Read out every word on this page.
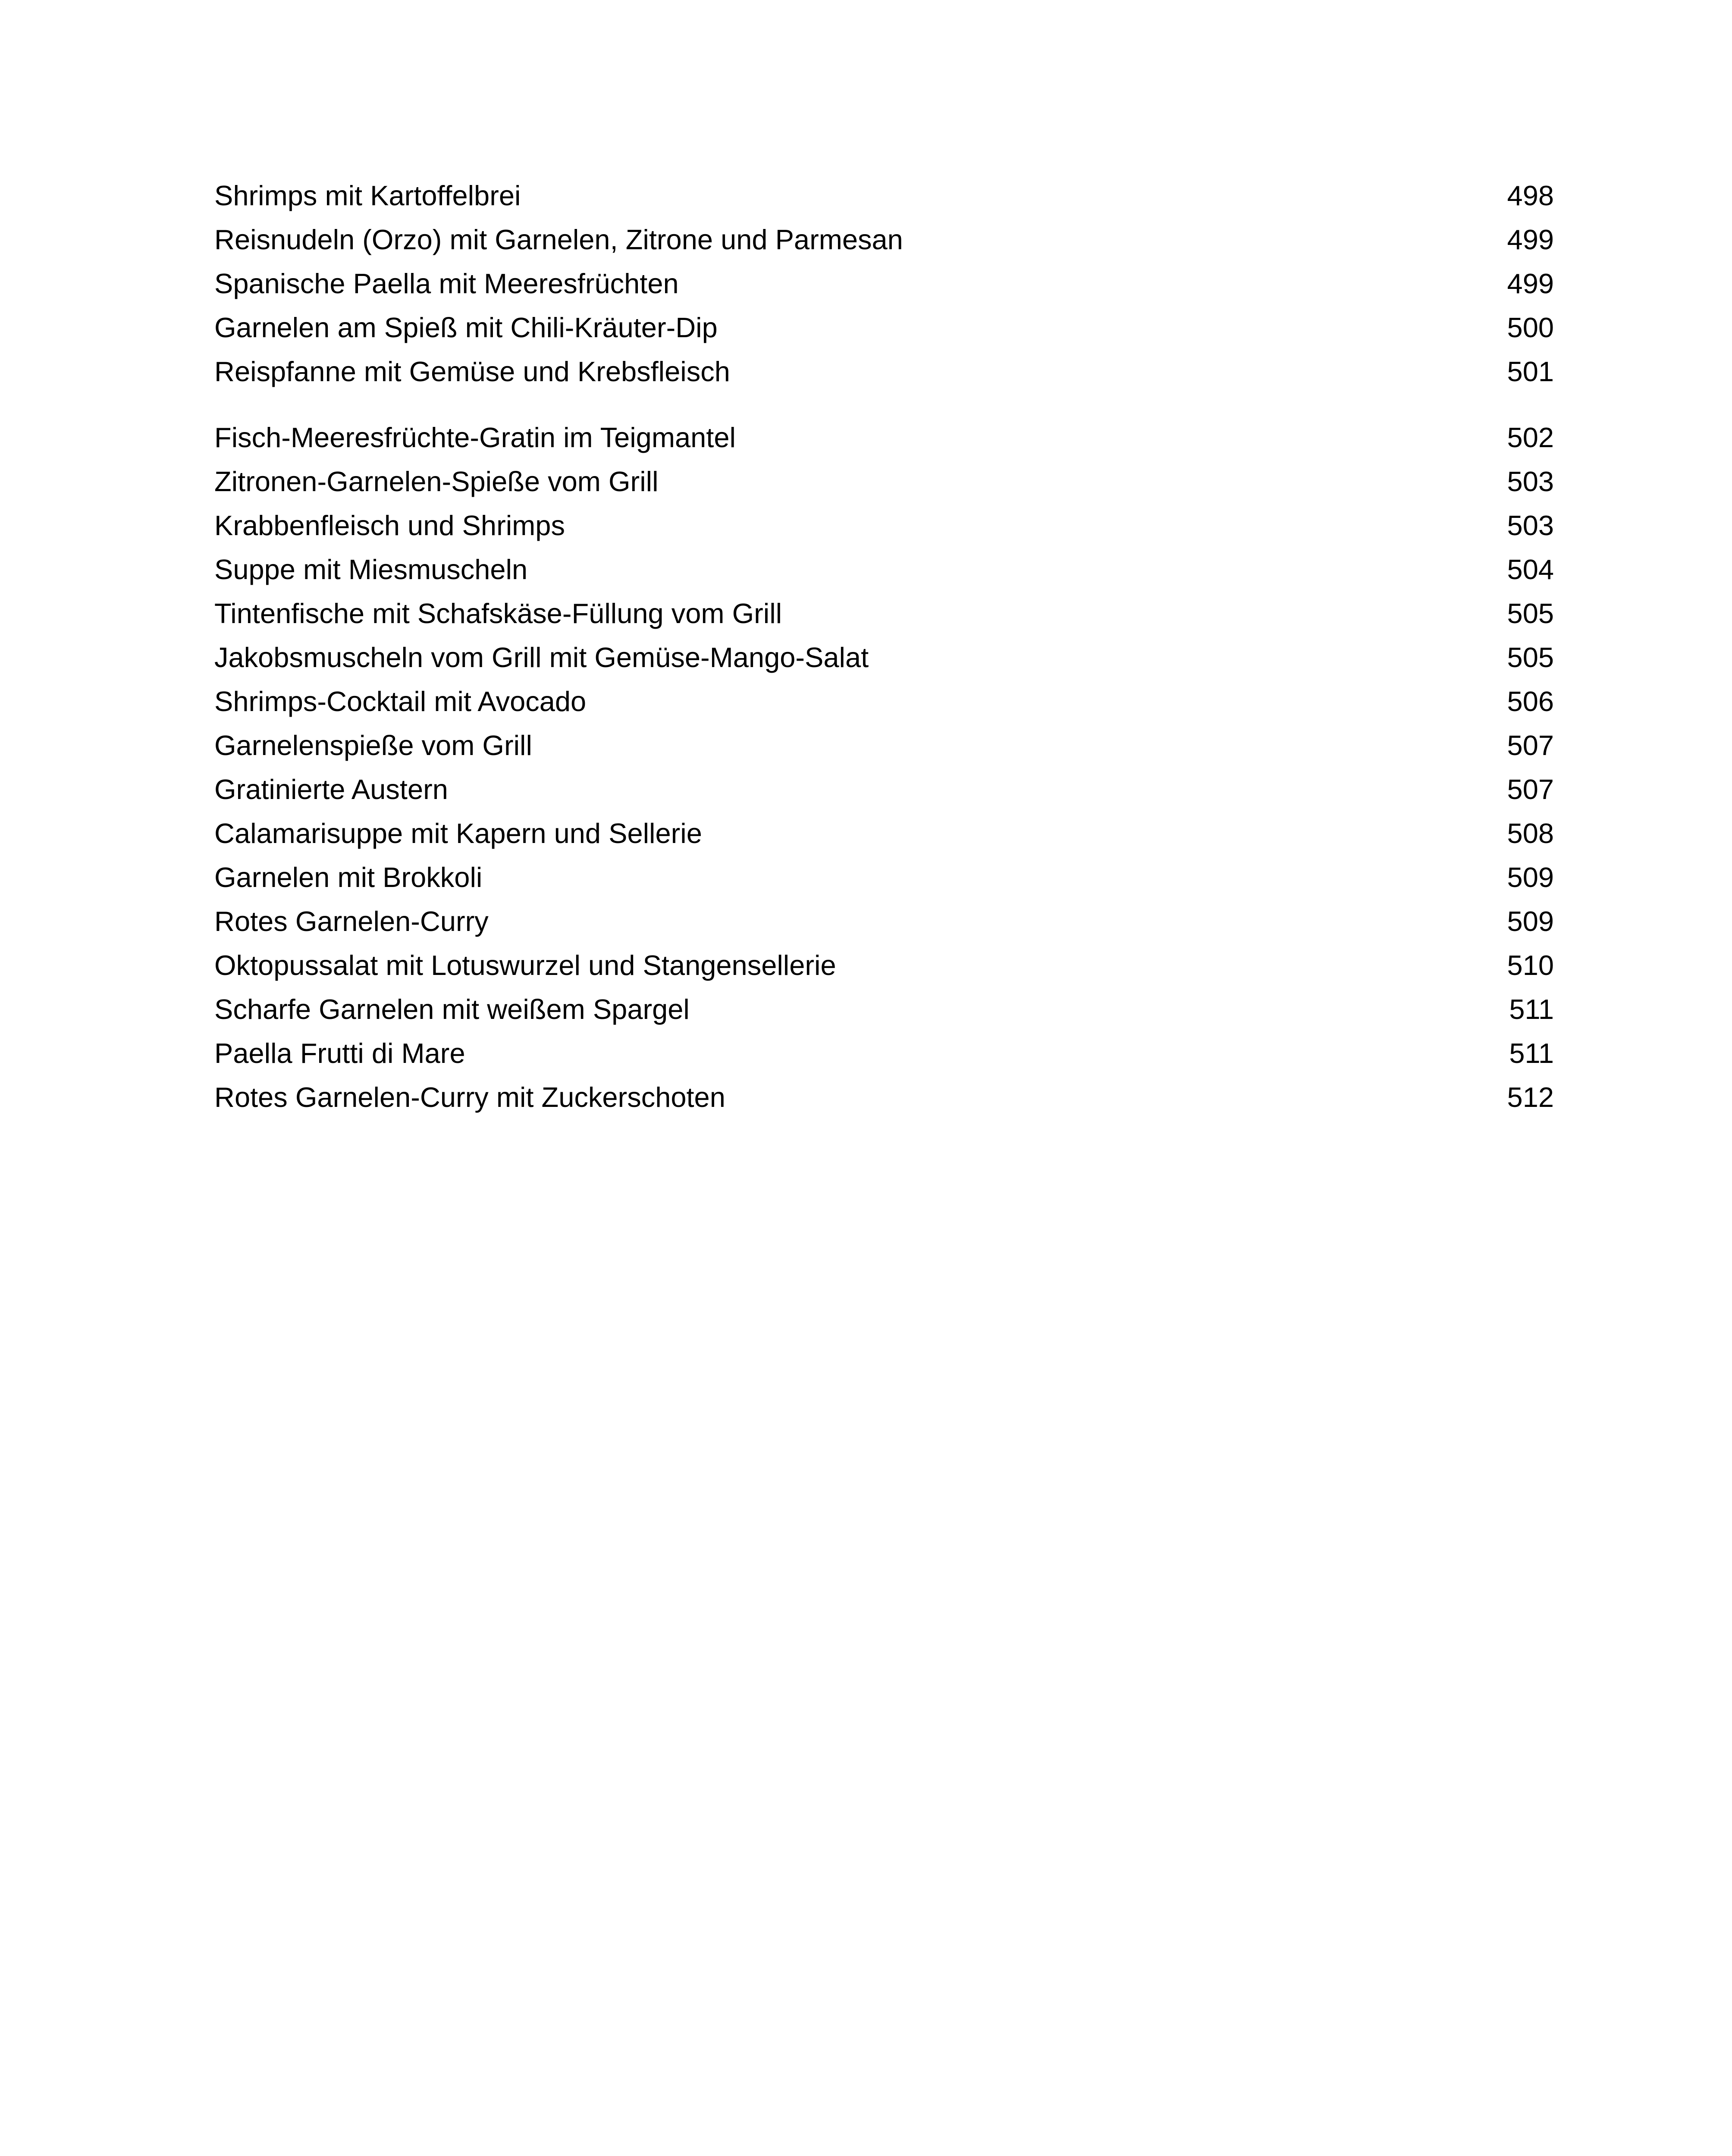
Shrimps mit Kartoffelbrei	498
Reisnudeln (Orzo) mit Garnelen, Zitrone und Parmesan	499
Spanische Paella mit Meeresfrüchten	499
Garnelen am Spieß mit Chili-Kräuter-Dip	500
Reispfanne mit Gemüse und Krebsfleisch	501
Fisch-Meeresfrüchte-Gratin im Teigmantel	502
Zitronen-Garnelen-Spieße vom Grill	503
Krabbenfleisch und Shrimps	503
Suppe mit Miesmuscheln	504
Tintenfische mit Schafskäse-Füllung vom Grill	505
Jakobsmuscheln vom Grill mit Gemüse-Mango-Salat	505
Shrimps-Cocktail mit Avocado	506
Garnelenspieße vom Grill	507
Gratinierte Austern	507
Calamarisuppe mit Kapern und Sellerie	508
Garnelen mit Brokkoli	509
Rotes Garnelen-Curry	509
Oktopussalat mit Lotuswurzel und Stangensellerie	510
Scharfe Garnelen mit weißem Spargel	511
Paella Frutti di Mare	511
Rotes Garnelen-Curry mit Zuckerschoten	512
